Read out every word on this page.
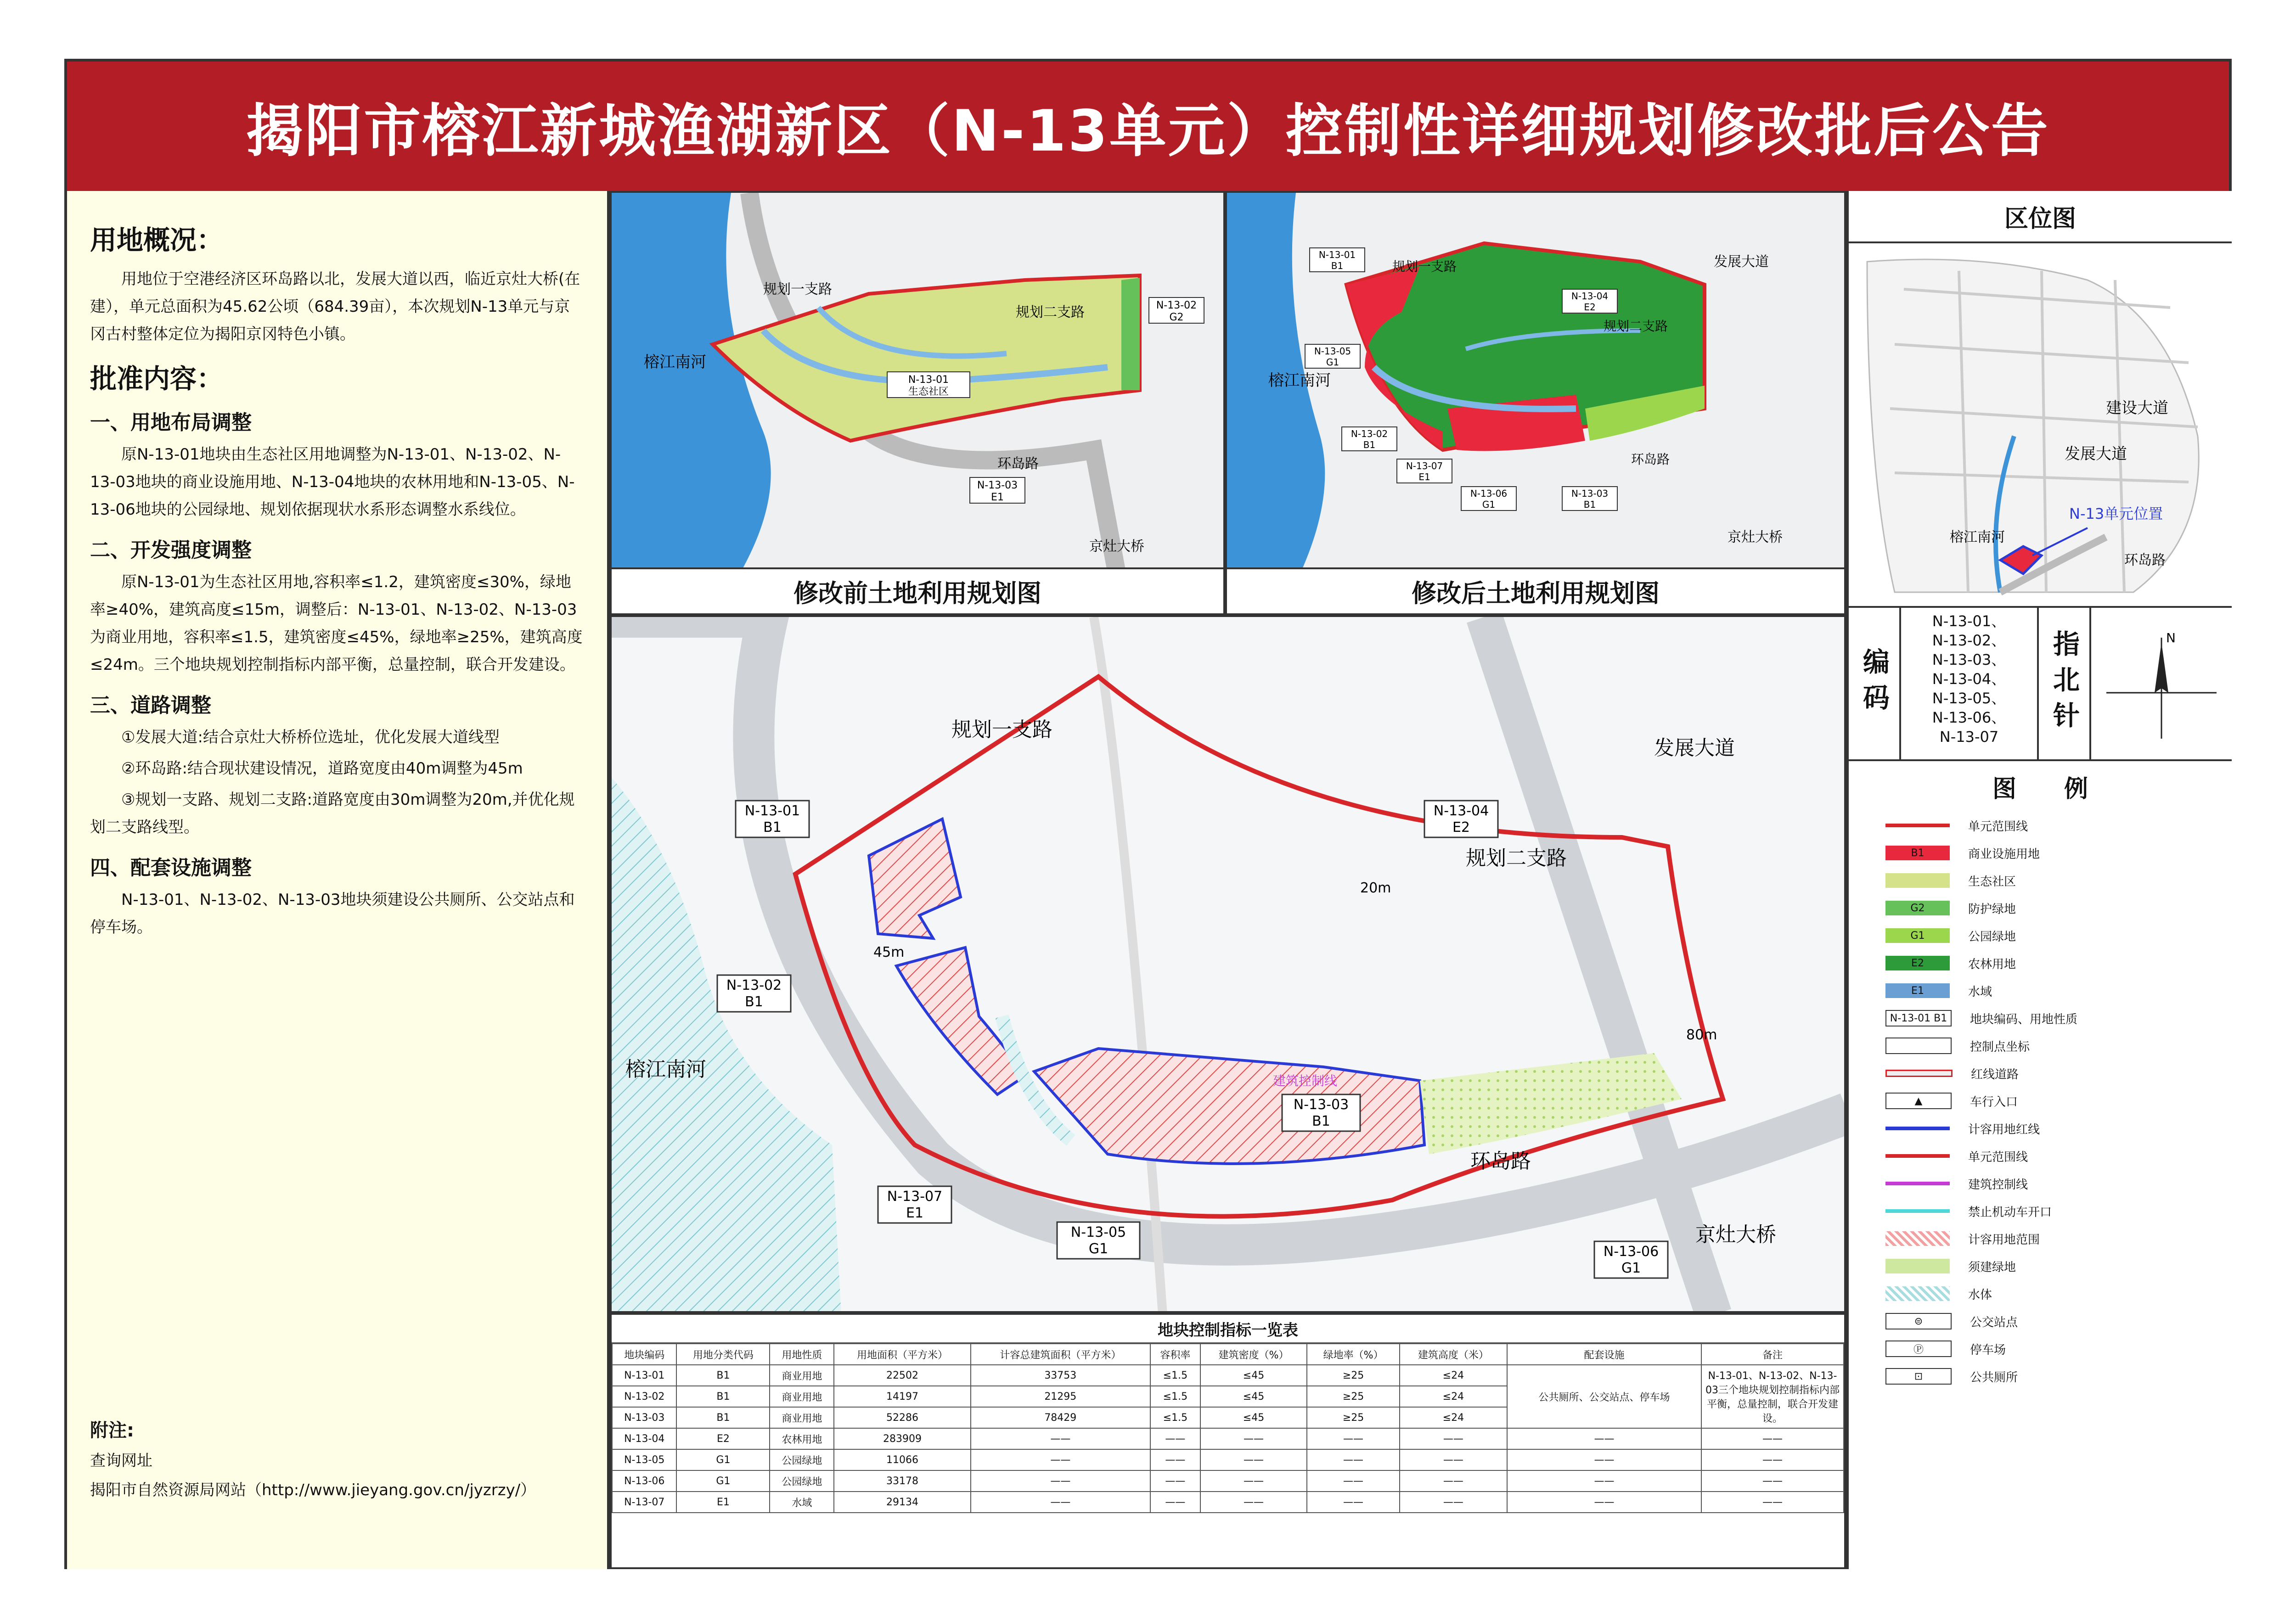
揭阳市榕江新城渔湖新区（N-13单元）控制性详细规划修改批后公告
用地概况：

用地位于空港经济区环岛路以北，发展大道以西，临近京灶大桥(在建），单元总面积为45.62公顷（684.39亩），本次规划N-13单元与京冈古村整体定位为揭阳京冈特色小镇。

批准内容：
一、用地布局调整

原N-13-01地块由生态社区用地调整为N-13-01、N-13-02、N-13-03地块的商业设施用地、N-13-04地块的农林用地和N-13-05、N-13-06地块的公园绿地、规划依据现状水系形态调整水系线位。

二、开发强度调整

原N-13-01为生态社区用地,容积率≤1.2，建筑密度≤30%，绿地率≥40%，建筑高度≤15m，调整后：N-13-01、N-13-02、N-13-03为商业用地，容积率≤1.5，建筑密度≤45%，绿地率≥25%，建筑高度≤24m。三个地块规划控制指标内部平衡，总量控制，联合开发建设。

三、道路调整

①发展大道:结合京灶大桥桥位选址，优化发展大道线型

②环岛路:结合现状建设情况，道路宽度由40m调整为45m

③规划一支路、规划二支路:道路宽度由30m调整为20m,并优化规划二支路线型。

四、配套设施调整

N-13-01、N-13-02、N-13-03地块须建设公共厕所、公交站点和停车场。

附注:
查询网址
揭阳市自然资源局网站（http://www.jieyang.gov.cn/jyzrzy/）
N-13-01
生态社区
N-13-02
G2
N-13-03
E1
榕江南河
规划一支路
规划二支路
环岛路
京灶大桥
修改前土地利用规划图
N-13-01
B1
N-13-04
E2
N-13-05
G1
N-13-02
B1
N-13-07
E1
N-13-06
G1
N-13-03
B1
榕江南河
规划一支路
规划二支路
环岛路
发展大道
京灶大桥
修改后土地利用规划图
N-13-01
B1
N-13-04
E2
N-13-02
B1
N-13-07
E1
N-13-05
G1
N-13-03
B1
N-13-06
G1
榕江南河
规划一支路
规划二支路
环岛路
发展大道
京灶大桥
80m
45m
20m
建筑控制线
地块控制指标一览表
地块编码	用地分类代码	用地性质	用地面积（平方米）	计容总建筑面积（平方米）	容积率	建筑密度（%）	绿地率（%）	建筑高度（米）	配套设施	备注
N-13-01	B1	商业用地	22502	33753	≤1.5	≤45	≥25	≤24	公共厕所、公交站点、停车场	N-13-01、N-13-02、N-13-03三个地块规划控制指标内部平衡，总量控制，联合开发建设。
N-13-02	B1	商业用地	14197	21295	≤1.5	≤45	≥25	≤24		
N-13-03	B1	商业用地	52286	78429	≤1.5	≤45	≥25	≤24		
N-13-04	E2	农林用地	283909	——	——	——	——	——	——	——
N-13-05	G1	公园绿地	11066	——	——	——	——	——	——	——
N-13-06	G1	公园绿地	33178	——	——	——	——	——	——	——
N-13-07	E1	水域	29134	——	——	——	——	——	——	——
区位图
N-13单元位置
发展大道
建设大道
环岛路
榕江南河
编码
N-13-01、
N-13-02、
N-13-03、
N-13-04、
N-13-05、
N-13-06、
N-13-07	指北针	N
图　　例
单元范围线
B1	商业设施用地
生态社区
G2	防护绿地
G1	公园绿地
E2	农林用地
E1	水域
N-13-01 B1	地块编码、用地性质
控制点坐标
红线道路
▲	车行入口
计容用地红线
单元范围线
建筑控制线
禁止机动车开口
计容用地范围
须建绿地
水体
⊜	公交站点
Ⓟ	停车场
⊡	公共厕所
